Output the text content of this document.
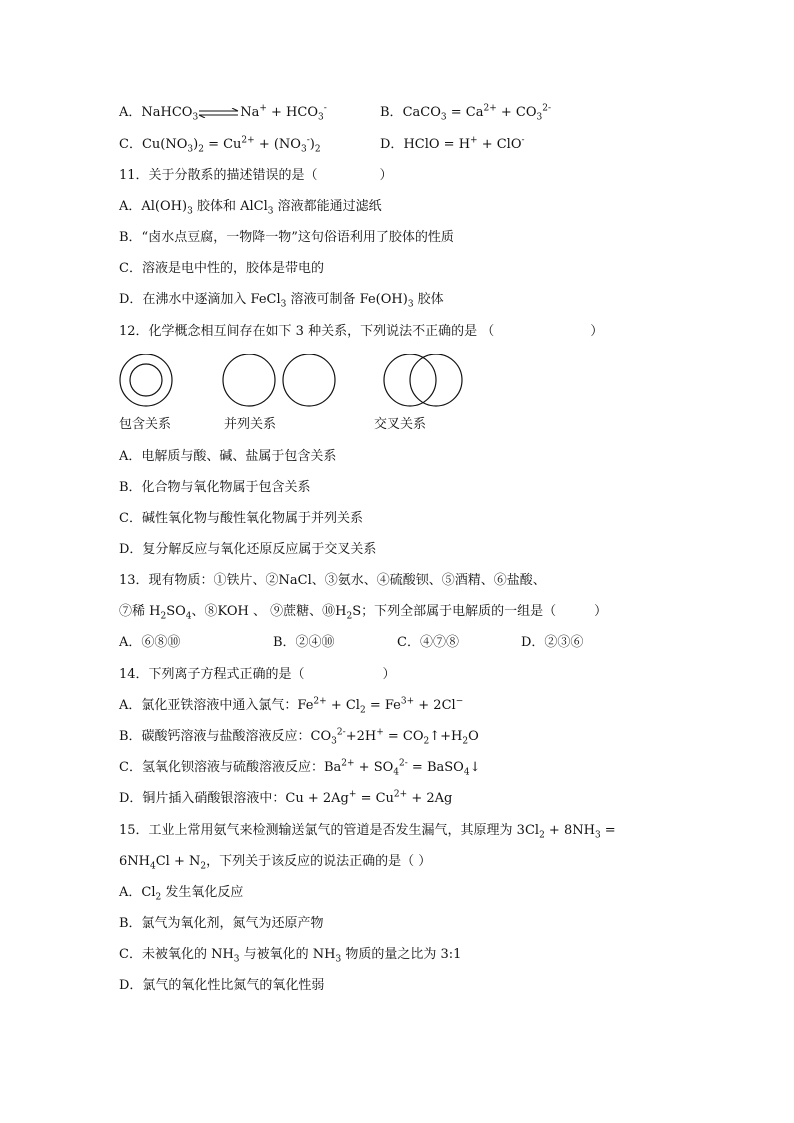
A．NaHCO$_3$ ⇌Na+ + $HCO_3^-$	B．CaCO$_3$ = $Ca^{2+} + CO_3^{2-}$
C．$Cu(NO_3)_2 = Cu^{2+} + (NO_3^-)_2$	D．HClO = H+ + ClO-
11．关于分散系的描述错误的是（	）
A．$Al(OH)_3$ 胶体和 AlCl$_3$ 溶液都能通过滤纸
B．“卤水点豆腐，一物降一物”这句俗语利用了胶体的性质
C．溶液是电中性的，胶体是带电的
D．在沸水中逐滴加入 FeCl$_3$ 溶液可制备 $Fe(OH)_3$ 胶体
12．化学概念相互间存在如下 3 种关系，下列说法不正确的是 （	）
包含关系	并列关系	交叉关系
A．电解质与酸、碱、盐属于包含关系
B．化合物与氧化物属于包含关系
C．碱性氧化物与酸性氧化物属于并列关系
D．复分解反应与氧化还原反应属于交叉关系
13．现有物质：①铁片、②NaCl、③氨水、④硫酸钡、⑤酒精、⑥盐酸、
⑦稀 $H_2SO_4$、⑧KOH 、 ⑨蔗糖、$⑩H_2S$；下列全部属于电解质的一组是（	）
A．⑥⑧⑩	B．②④⑩	C．④⑦⑧	D．②③⑥
14．下列离子方程式正确的是（	）
A．氯化亚铁溶液中通入氯气：$Fe^{2+} + Cl_2 = Fe^{3+} + 2Cl^-$
B．碳酸钙溶液与盐酸溶液反应：$CO_3^{2-}+2H^+$ = $CO_2↑+H_2O$
C．氢氧化钡溶液与硫酸溶液反应：$Ba^{2+} + SO_4^{2-}$ = BaSO$_4$↓
D．铜片插入硝酸银溶液中：$Cu + 2Ag^+ = Cu^{2+} + 2Ag$
15．工业上常用氨气来检测输送氯气的管道是否发生漏气，其原理为 $3Cl_2 + 8NH_3$ =
$6NH_4Cl + N_2$，下列关于该反应的说法正确的是（ ）
A．$Cl_2$ 发生氧化反应
B．氯气为氧化剂，氮气为还原产物
C．未被氧化的 $NH_3$ 与被氧化的 $NH_3$ 物质的量之比为 3:1
D．氯气的氧化性比氮气的氧化性弱
